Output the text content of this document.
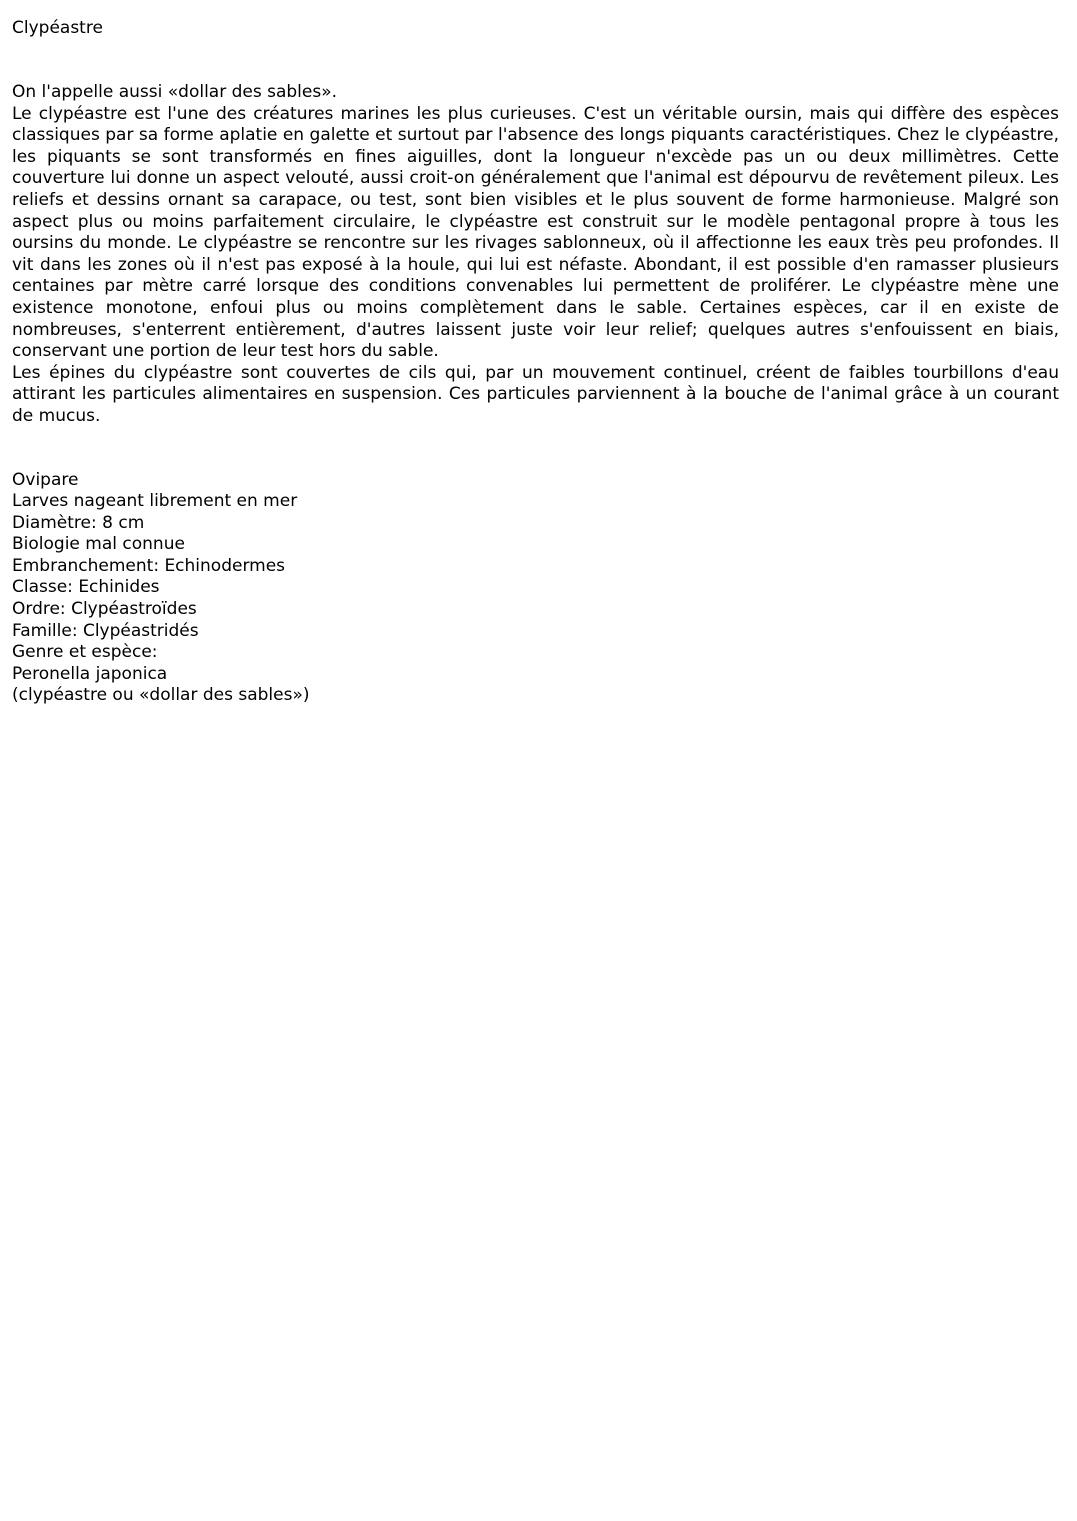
Clypéastre

On l'appelle aussi «dollar des sables».

Le clypéastre est l'une des créatures marines les plus curieuses. C'est un véritable oursin, mais qui diffère des espèces classiques par sa forme aplatie en galette et surtout par l'absence des longs piquants caractéristiques. Chez le clypéastre, les piquants se sont transformés en fines aiguilles, dont la longueur n'excède pas un ou deux millimètres. Cette couverture lui donne un aspect velouté, aussi croit-on généralement que l'animal est dépourvu de revêtement pileux. Les reliefs et dessins ornant sa carapace, ou test, sont bien visibles et le plus souvent de forme harmonieuse. Malgré son aspect plus ou moins parfaitement circulaire, le clypéastre est construit sur le modèle pentagonal propre à tous les oursins du monde. Le clypéastre se rencontre sur les rivages sablonneux, où il affectionne les eaux très peu profondes. Il vit dans les zones où il n'est pas exposé à la houle, qui lui est néfaste. Abondant, il est possible d'en ramasser plusieurs centaines par mètre carré lorsque des conditions convenables lui permettent de proliférer. Le clypéastre mène une existence monotone, enfoui plus ou moins complètement dans le sable. Certaines espèces, car il en existe de nombreuses, s'enterrent entièrement, d'autres laissent juste voir leur relief; quelques autres s'enfouissent en biais, conservant une portion de leur test hors du sable.

Les épines du clypéastre sont couvertes de cils qui, par un mouvement continuel, créent de faibles tourbillons d'eau attirant les particules alimentaires en suspension. Ces particules parviennent à la bouche de l'animal grâce à un courant de mucus.

Ovipare
Larves nageant librement en mer
Diamètre: 8 cm
Biologie mal connue
Embranchement: Echinodermes
Classe: Echinides
Ordre: Clypéastroïdes
Famille: Clypéastridés
Genre et espèce:
Peronella japonica
(clypéastre ou «dollar des sables»)
